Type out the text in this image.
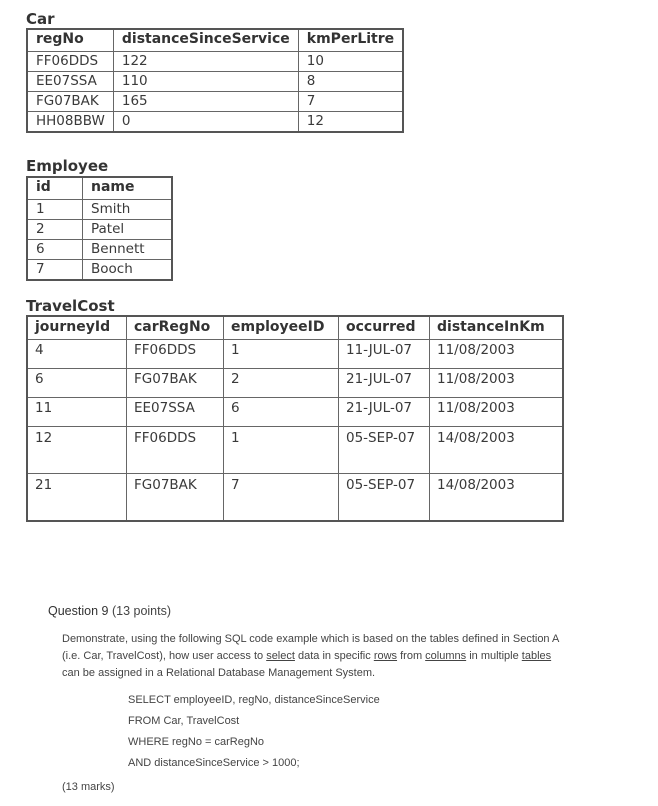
Car
regNo	distanceSinceService	kmPerLitre
FF06DDS	122	10
EE07SSA	110	8
FG07BAK	165	7
HH08BBW	0	12
Employee
id	name
1	Smith
2	Patel
6	Bennett
7	Booch
TravelCost
journeyId	carRegNo	employeeID	occurred	distanceInKm
4	FF06DDS	1	11-JUL-07	11/08/2003
6	FG07BAK	2	21-JUL-07	11/08/2003
11	EE07SSA	6	21-JUL-07	11/08/2003
12	FF06DDS	1	05-SEP-07	14/08/2003
21	FG07BAK	7	05-SEP-07	14/08/2003
Question 9 (13 points)
Demonstrate, using the following SQL code example which is based on the tables defined in Section A (i.e. Car, TravelCost), how user access to select data in specific rows from columns in multiple tables can be assigned in a Relational Database Management System.
SELECT employeeID, regNo, distanceSinceService
FROM Car, TravelCost
WHERE regNo = carRegNo
AND distanceSinceService > 1000;
(13 marks)
